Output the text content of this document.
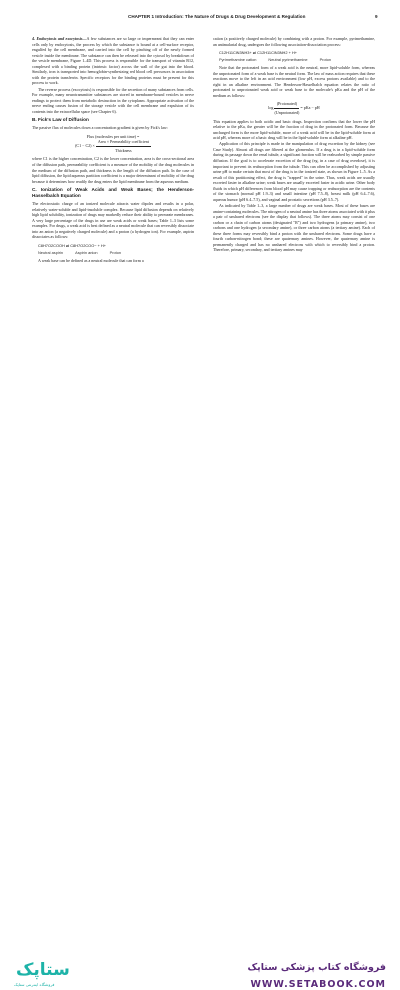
CHAPTER 1 Introduction: The Nature of Drugs & Drug Development & Regulation	9

4. Endocytosis and exocytosis—A few substances are so large or impermeant that they can enter cells only by endocytosis, the process by which the substance is bound at a cell-surface receptor, engulfed by the cell membrane, and carried into the cell by pinching off of the newly formed vesicle inside the membrane. The substance can then be released into the cytosol by breakdown of the vesicle membrane, Figure 1–4D. This process is responsible for the transport of vitamin B12, complexed with a binding protein (intrinsic factor) across the wall of the gut into the blood. Similarly, iron is transported into hemoglobin-synthesizing red blood cell precursors in association with the protein transferrin. Specific receptors for the binding proteins must be present for this process to work.

The reverse process (exocytosis) is responsible for the secretion of many substances from cells. For example, many neurotransmitter substances are stored in membrane-bound vesicles in nerve endings to protect them from metabolic destruction in the cytoplasm. Appropriate activation of the nerve ending causes fusion of the storage vesicle with the cell membrane and expulsion of its contents into the extracellular space (see Chapter 6).

B. Fick's Law of Diffusion

The passive flux of molecules down a concentration gradient is given by Fick's law:

Flux (molecules per unit time) =
$(C1 - C2) \times \frac{\text{Area × Permeability coefficient}}{\text{Thickness}}$

where C1 is the higher concentration, C2 is the lower concentration, area is the cross-sectional area of the diffusion path, permeability coefficient is a measure of the mobility of the drug molecules in the medium of the diffusion path, and thickness is the length of the diffusion path. In the case of lipid diffusion, the lipid:aqueous partition coefficient is a major determinant of mobility of the drug because it determines how readily the drug enters the lipid membrane from the aqueous medium.

C. Ionization of Weak Acids and Weak Bases; the Henderson-Hasselbalch Equation

The electrostatic charge of an ionized molecule attracts water dipoles and results in a polar, relatively water-soluble and lipid-insoluble complex. Because lipid diffusion depends on relatively high lipid solubility, ionization of drugs may markedly reduce their ability to permeate membranes. A very large percentage of the drugs in use are weak acids or weak bases; Table 1–3 lists some examples. For drugs, a weak acid is best defined as a neutral molecule that can reversibly dissociate into an anion (a negatively charged molecule) and a proton (a hydrogen ion). For example, aspirin dissociates as follows:

C8H7O2COOH ⇌ C8H7O2COO− + H+
Neutral aspirin	Aspirin anion	Proton

A weak base can be defined as a neutral molecule that can form a

cation (a positively charged molecule) by combining with a proton. For example, pyrimethamine, an antimalarial drug, undergoes the following association-dissociation process:

C12H11ClN3NH3+ ⇌ C12H11ClN3NH2 + H+
Pyrimethamine cation	Neutral pyrimethamine	Proton

Note that the protonated form of a weak acid is the neutral, more lipid-soluble form, whereas the unprotonated form of a weak base is the neutral form. The law of mass action requires that these reactions move to the left in an acid environment (low pH, excess protons available) and to the right in an alkaline environment. The Henderson-Hasselbalch equation relates the ratio of protonated to unprotonated weak acid or weak base to the molecule's pKa and the pH of the medium as follows:

$\log \frac{\text{(Protonated)}}{\text{(Unprotonated)}}$ = pKa − pH

This equation applies to both acidic and basic drugs. Inspection confirms that the lower the pH relative to the pKa, the greater will be the fraction of drug in the protonated form. Because the uncharged form is the more lipid-soluble, more of a weak acid will be in the lipid-soluble form at acid pH, whereas more of a basic drug will be in the lipid-soluble form at alkaline pH.

Application of this principle is made in the manipulation of drug excretion by the kidney (see Case Study). Almost all drugs are filtered at the glomerulus. If a drug is in a lipid-soluble form during its passage down the renal tubule, a significant fraction will be reabsorbed by simple passive diffusion. If the goal is to accelerate excretion of the drug (eg, in a case of drug overdose), it is important to prevent its reabsorption from the tubule. This can often be accomplished by adjusting urine pH to make certain that most of the drug is in the ionized state, as shown in Figure 1–5. As a result of this partitioning effect, the drug is "trapped" in the urine. Thus, weak acids are usually excreted faster in alkaline urine; weak bases are usually excreted faster in acidic urine. Other body fluids in which pH differences from blood pH may cause trapping or reabsorption are the contents of the stomach (normal pH 1.9–3) and small intestine (pH 7.5–8), breast milk (pH 6.4–7.6), aqueous humor (pH 6.4–7.5), and vaginal and prostatic secretions (pH 3.5–7).

As indicated by Table 1–3, a large number of drugs are weak bases. Most of these bases are amine-containing molecules. The nitrogen of a neutral amine has three atoms associated with it plus a pair of unshared electrons (see the display that follows). The three atoms may consist of one carbon or a chain of carbon atoms (designated "R") and two hydrogens (a primary amine), two carbons and one hydrogen (a secondary amine), or three carbon atoms (a tertiary amine). Each of these three forms may reversibly bind a proton with the unshared electrons. Some drugs have a fourth carbon-nitrogen bond; these are quaternary amines. However, the quaternary amine is permanently charged and has no unshared electrons with which to reversibly bind a proton. Therefore, primary, secondary, and tertiary amines may

ستاپک
فروشگاه اینترنتی ستاپک
فروشگاه کتاب پزشکی ستاپک
WWW.SETABOOK.COM
